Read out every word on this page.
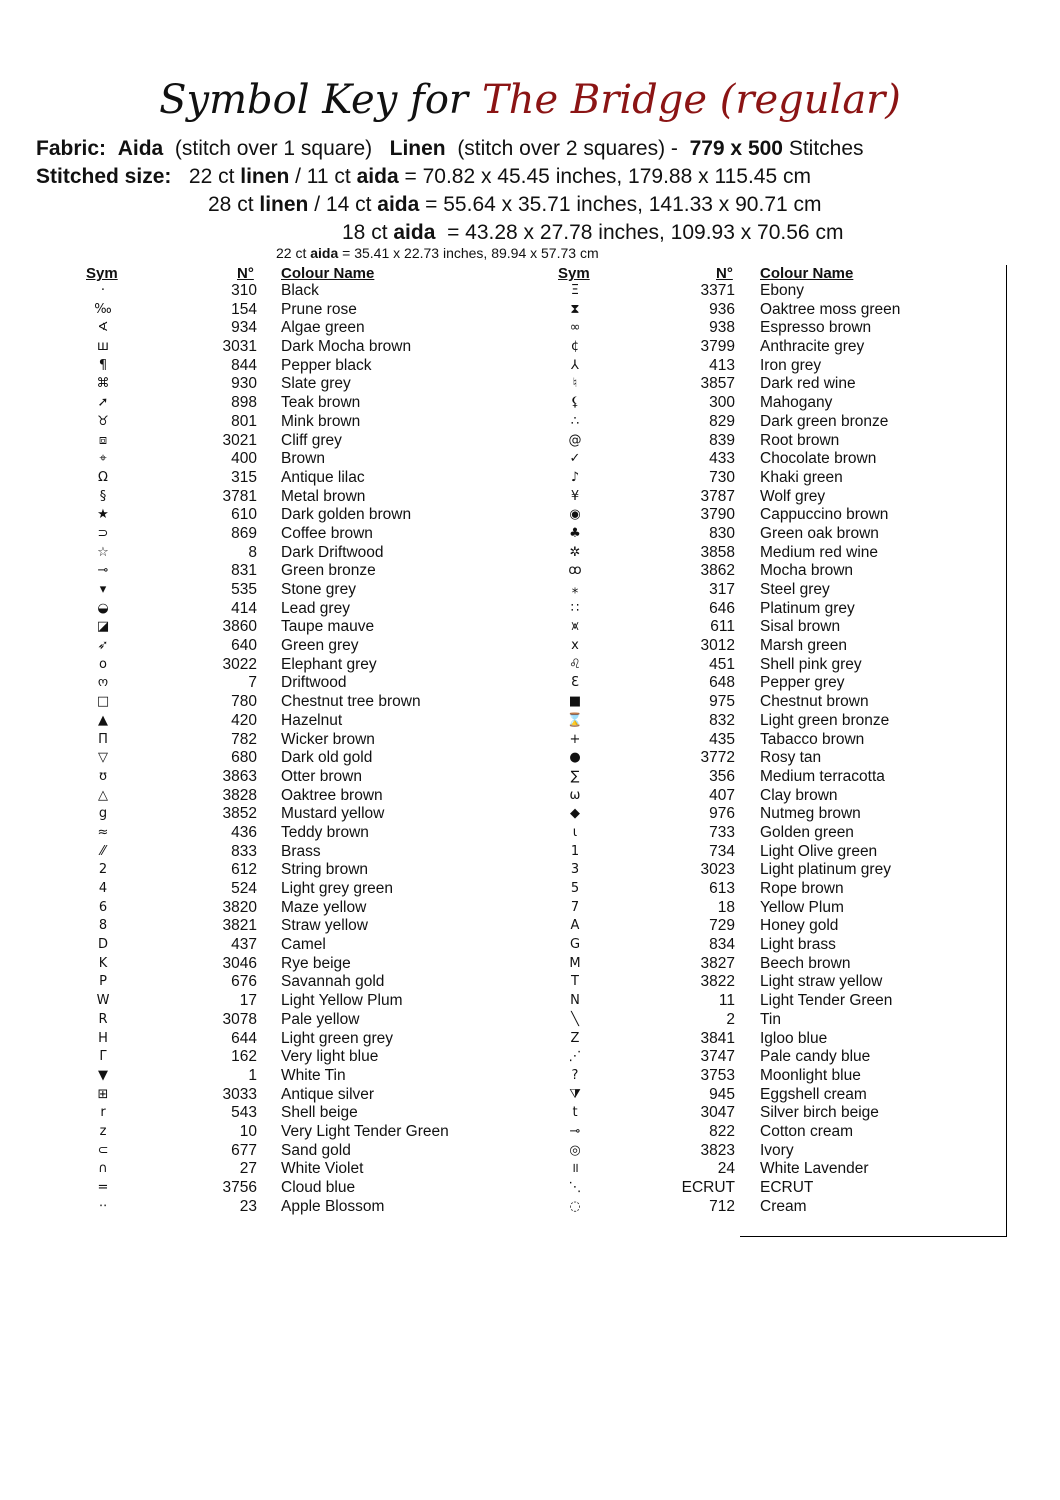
Symbol Key for The Bridge (regular)
Fabric: Aida (stitch over 1 square) Linen (stitch over 2 squares) - 779 x 500 Stitches
Stitched size: 22 ct linen / 11 ct aida = 70.82 x 45.45 inches, 179.88 x 115.45 cm
28 ct linen / 14 ct aida = 55.64 x 35.71 inches, 141.33 x 90.71 cm
18 ct aida = 43.28 x 27.78 inches, 109.93 x 70.56 cm
22 ct aida = 35.41 x 22.73 inches, 89.94 x 57.73 cm
Sym	N° Colour Name	Sym	N° Colour Name
·	310 Black
‰	154 Prune rose
∢	934 Algae green
ш	3031 Dark Mocha brown
¶	844 Pepper black
⌘	930 Slate grey
➚	898 Teak brown
♉	801 Mink brown
⧈	3021 Cliff grey
⌖	400 Brown
Ω	315 Antique lilac
§	3781 Metal brown
★	610 Dark golden brown
⊃	869 Coffee brown
☆	8 Dark Driftwood
⊸	831 Green bronze
▾	535 Stone grey
◒	414 Lead grey
◪	3860 Taupe mauve
➶	640 Green grey
o	3022 Elephant grey
ო	7 Driftwood
□	780 Chestnut tree brown
▲	420 Hazelnut
Π	782 Wicker brown
▽	680 Dark old gold
ʊ	3863 Otter brown
△	3828 Oaktree brown
g	3852 Mustard yellow
≈	436 Teddy brown
⁄⁄	833 Brass
2	612 String brown
4	524 Light grey green
6	3820 Maze yellow
8	3821 Straw yellow
D	437 Camel
K	3046 Rye beige
P	676 Savannah gold
W	17 Light Yellow Plum
R	3078 Pale yellow
H	644 Light green grey
Γ	162 Very light blue
▼	1 White Tin
⊞	3033 Antique silver
r	543 Shell beige
z	10 Very Light Tender Green
⊂	677 Sand gold
∩	27 White Violet
=	3756 Cloud blue
⋅⋅	23 Apple Blossom
Ξ	3371 Ebony
⧗	936 Oaktree moss green
∞	938 Espresso brown
¢	3799 Anthracite grey
⅄	413 Iron grey
♮	3857 Dark red wine
⚸	300 Mahogany
∴	829 Dark green bronze
@	839 Root brown
✓	433 Chocolate brown
♪	730 Khaki green
¥	3787 Wolf grey
◉	3790 Cappuccino brown
♣	830 Green oak brown
✲	3858 Medium red wine
ꝏ	3862 Mocha brown
⁎	317 Steel grey
∷	646 Platinum grey
⩙	611 Sisal brown
x	3012 Marsh green
♌	451 Shell pink grey
Ɛ	648 Pepper grey
■	975 Chestnut brown
⌛	832 Light green bronze
+	435 Tabacco brown
●	3772 Rosy tan
∑	356 Medium terracotta
ω	407 Clay brown
◆	976 Nutmeg brown
ɩ	733 Golden green
1	734 Light Olive green
3	3023 Light platinum grey
5	613 Rope brown
7	18 Yellow Plum
A	729 Honey gold
G	834 Light brass
M	3827 Beech brown
T	3822 Light straw yellow
N	11 Light Tender Green
╲	2 Tin
Z	3841 Igloo blue
⋰	3747 Pale candy blue
?	3753 Moonlight blue
⧩	945 Eggshell cream
t	3047 Silver birch beige
⊸	822 Cotton cream
◎	3823 Ivory
॥	24 White Lavender
⋱	ECRUT ECRUT
◌	712 Cream
